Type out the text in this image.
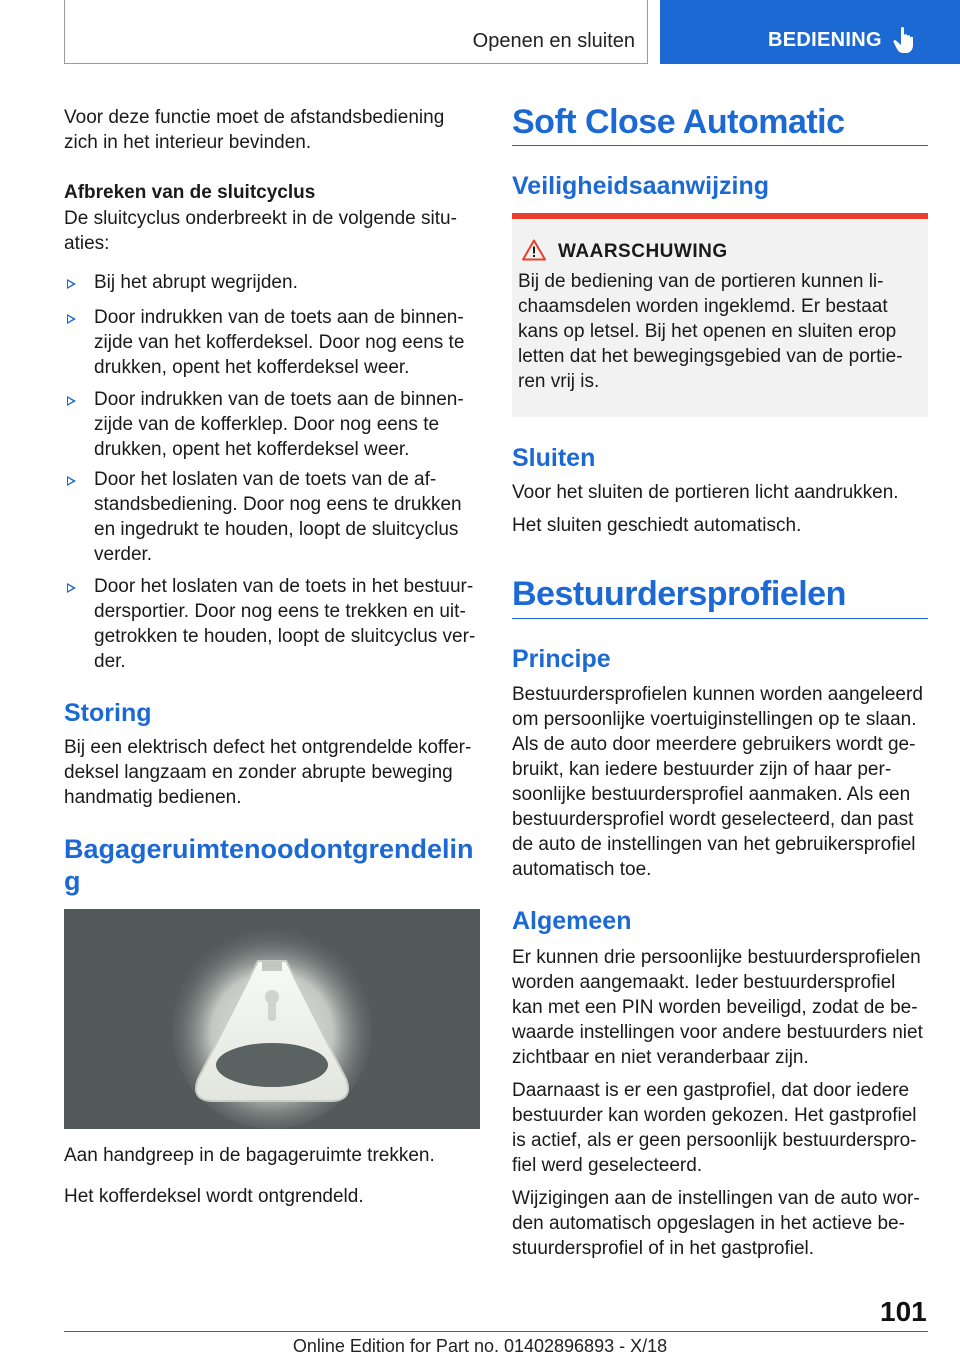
Openen en sluiten	BEDIENING

Voor deze functie moet de afstandsbediening zich in het interieur bevinden.

Afbreken van de sluitcyclus

De sluitcyclus onderbreekt in de volgende situaties:

Bij het abrupt wegrijden.

Door indrukken van de toets aan de binnenzijde van het kofferdeksel. Door nog eens te drukken, opent het kofferdeksel weer.

Door indrukken van de toets aan de binnenzijde van de kofferklep. Door nog eens te drukken, opent het kofferdeksel weer.

Door het loslaten van de toets van de afstandsbediening. Door nog eens te drukken en ingedrukt te houden, loopt de sluitcyclus verder.

Door het loslaten van de toets in het bestuurdersportier. Door nog eens te trekken en uitgetrokken te houden, loopt de sluitcyclus verder.

Storing

Bij een elektrisch defect het ontgrendelde kofferdeksel langzaam en zonder abrupte beweging handmatig bedienen.

Bagageruimtenoodontgrendelin
g

Aan handgreep in de bagageruimte trekken.

Het kofferdeksel wordt ontgrendeld.

Soft Close Automatic
Veiligheidsaanwijzing

WAARSCHUWING

Bij de bediening van de portieren kunnen lichaamsdelen worden ingeklemd. Er bestaat kans op letsel. Bij het openen en sluiten erop letten dat het bewegingsgebied van de portieren vrij is.

Sluiten

Voor het sluiten de portieren licht aandrukken.

Het sluiten geschiedt automatisch.

Bestuurdersprofielen
Principe

Bestuurdersprofielen kunnen worden aangeleerd om persoonlijke voertuiginstellingen op te slaan. Als de auto door meerdere gebruikers wordt gebruikt, kan iedere bestuurder zijn of haar persoonlijke bestuurdersprofiel aanmaken. Als een bestuurdersprofiel wordt geselecteerd, dan past de auto de instellingen van het gebruikersprofiel automatisch toe.

Algemeen

Er kunnen drie persoonlijke bestuurdersprofielen worden aangemaakt. Ieder bestuurdersprofiel kan met een PIN worden beveiligd, zodat de bewaarde instellingen voor andere bestuurders niet zichtbaar en niet veranderbaar zijn.

Daarnaast is er een gastprofiel, dat door iedere bestuurder kan worden gekozen. Het gastprofiel is actief, als er geen persoonlijk bestuurdersprofiel werd geselecteerd.

Wijzigingen aan de instellingen van de auto worden automatisch opgeslagen in het actieve bestuurdersprofiel of in het gastprofiel.

101
Online Edition for Part no. 01402896893 - X/18
